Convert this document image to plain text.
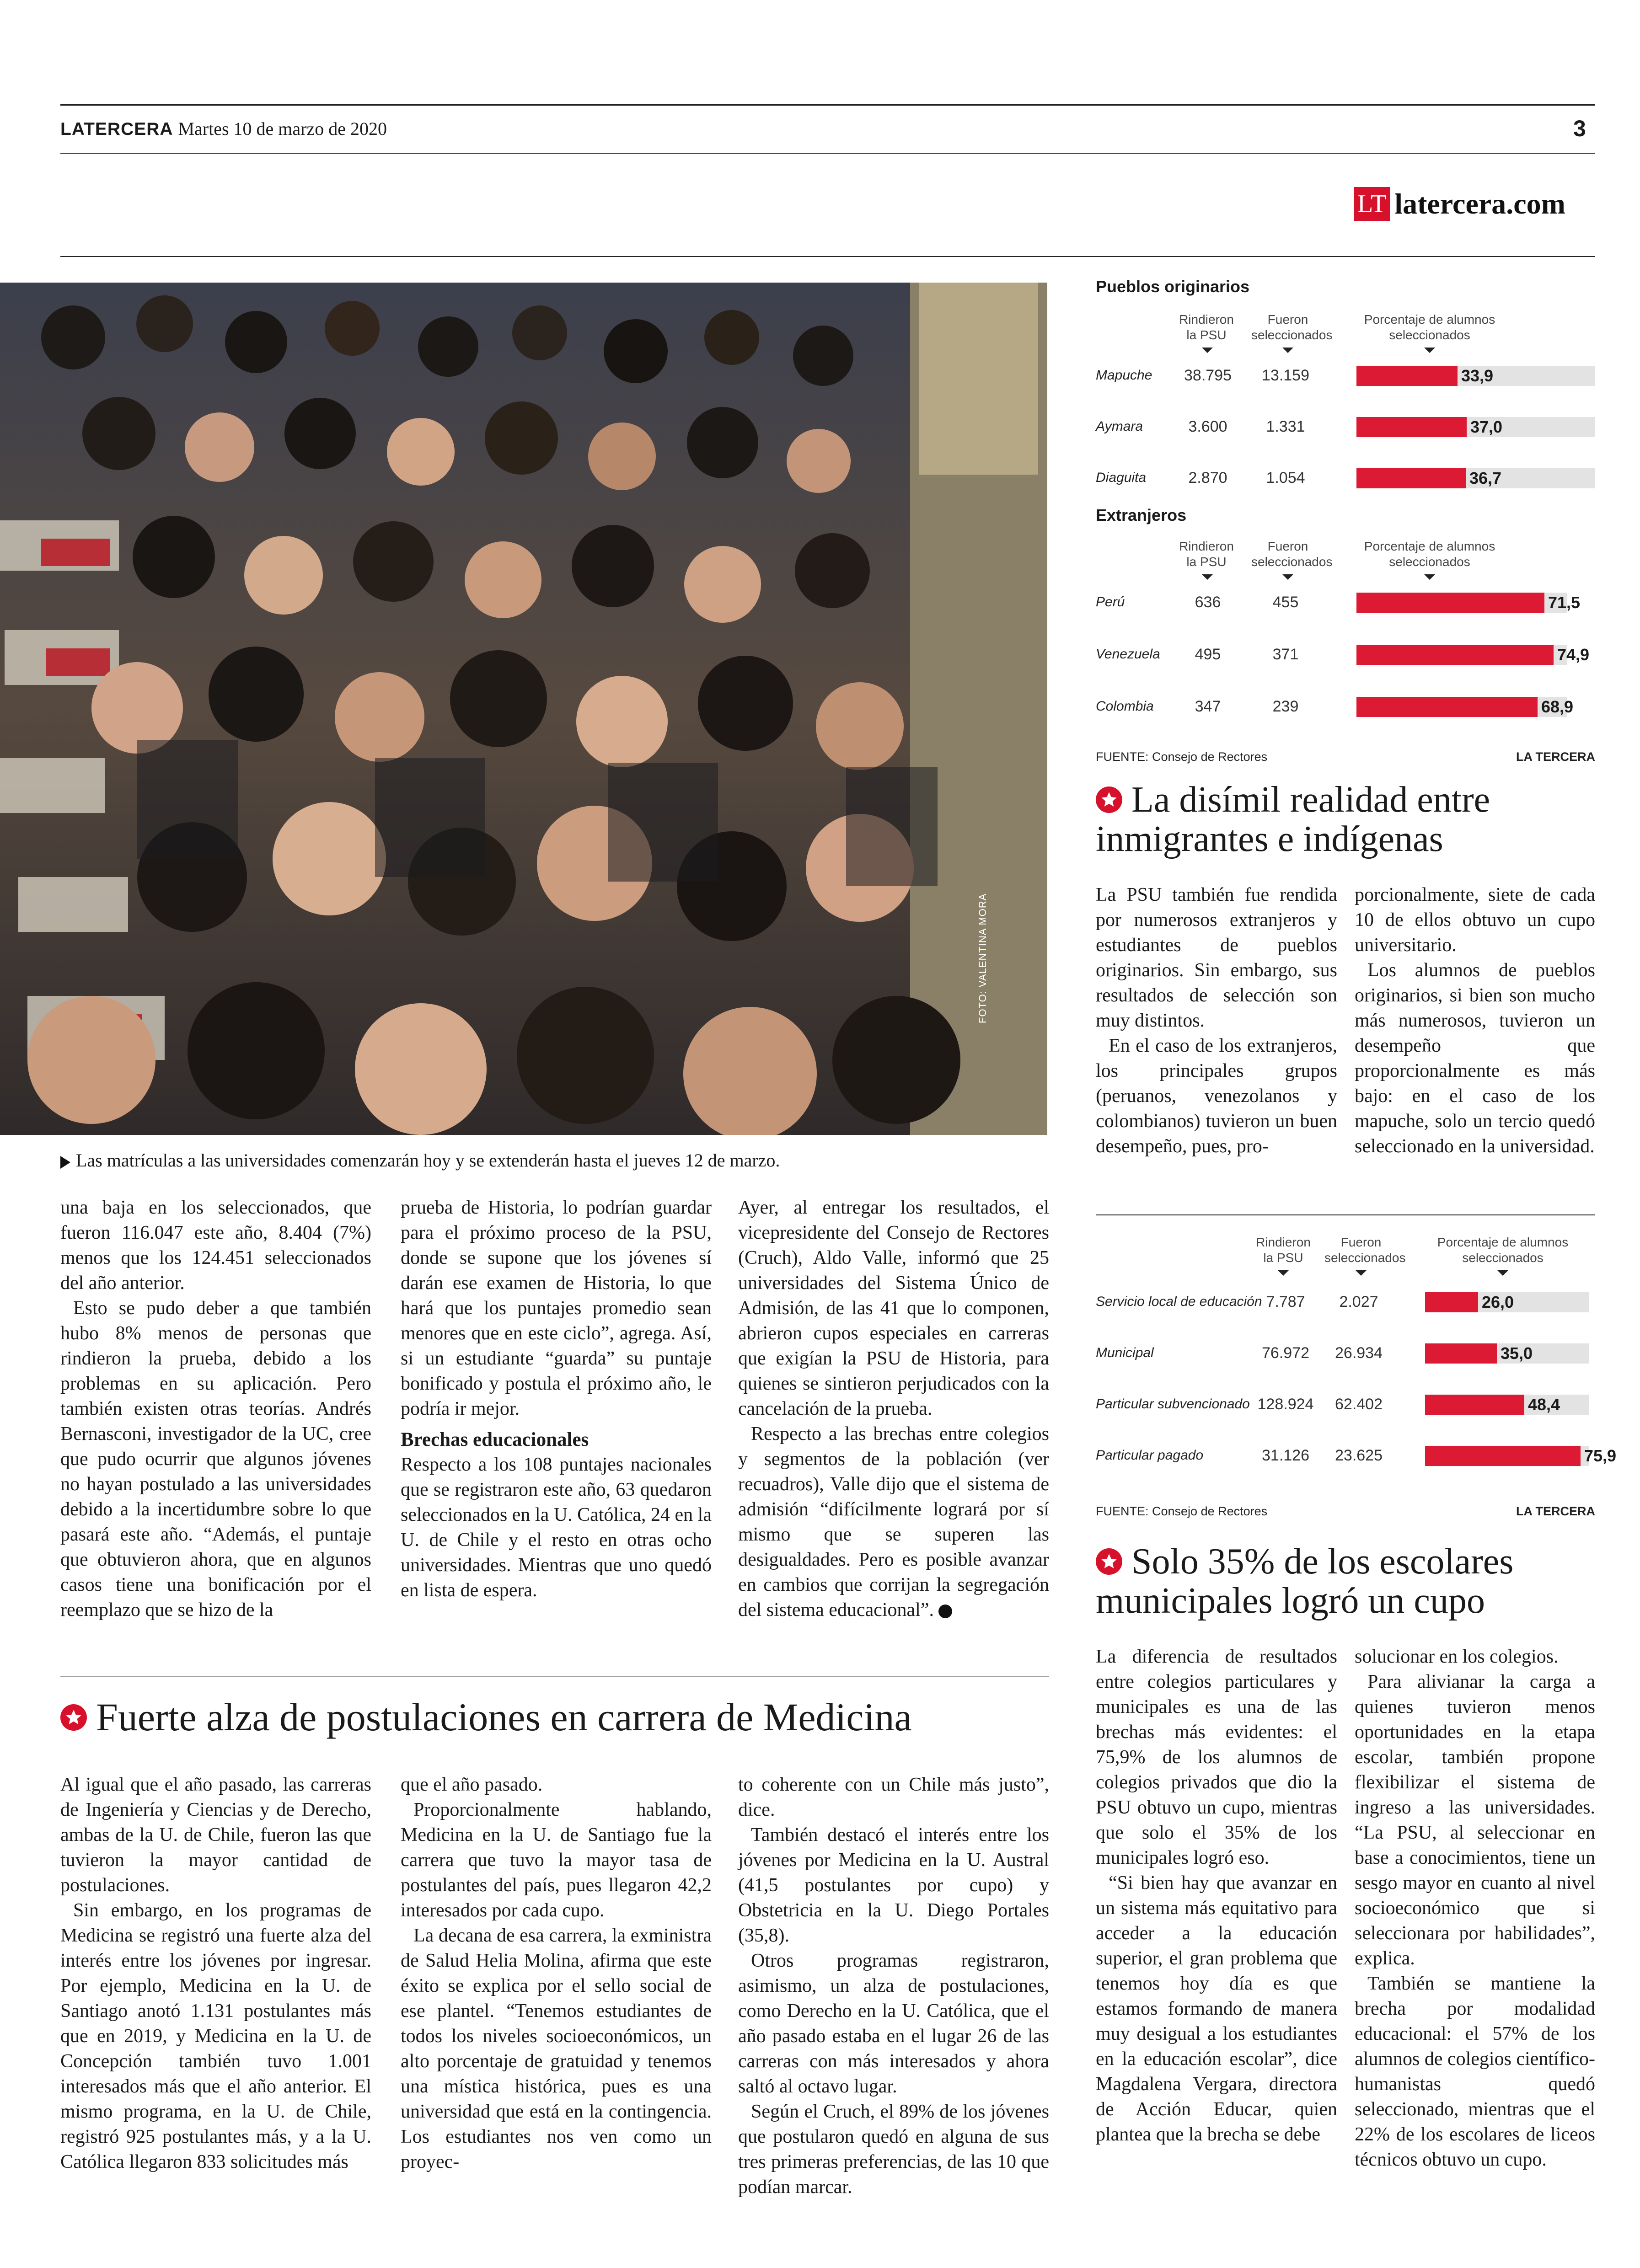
LATERCERA Martes 10 de marzo de 2020	3
LT latercera.com
FOTO: VALENTINA MORA
Las matrículas a las universidades comenzarán hoy y se extenderán hasta el jueves 12 de marzo.

una baja en los seleccionados, que fueron 116.047 este año, 8.404 (7%) menos que los 124.451 seleccionados del año anterior.

Esto se pudo deber a que también hubo 8% menos de personas que rindieron la prueba, debido a los problemas en su aplicación. Pero también existen otras teorías. Andrés Bernasconi, investigador de la UC, cree que pudo ocurrir que algunos jóvenes no hayan postulado a las universidades debido a la incertidumbre sobre lo que pasará este año. “Además, el puntaje que obtuvieron ahora, que en algunos casos tiene una bonificación por el reemplazo que se hizo de la

prueba de Historia, lo podrían guardar para el próximo proceso de la PSU, donde se supone que los jóvenes sí darán ese examen de Historia, lo que hará que los puntajes promedio sean menores que en este ciclo”, agrega. Así, si un estudiante “guarda” su puntaje bonificado y postula el próximo año, le podría ir mejor.

Brechas educacionales

Respecto a los 108 puntajes nacionales que se registraron este año, 63 quedaron seleccionados en la U. Católica, 24 en la U. de Chile y el resto en otras ocho universidades. Mientras que uno quedó en lista de espera.

Ayer, al entregar los resultados, el vicepresidente del Consejo de Rectores (Cruch), Aldo Valle, informó que 25 universidades del Sistema Único de Admisión, de las 41 que lo componen, abrieron cupos especiales en carreras que exigían la PSU de Historia, para quienes se sintieron perjudicados con la cancelación de la prueba.

Respecto a las brechas entre colegios y segmentos de la población (ver recuadros), Valle dijo que el sistema de admisión “difícilmente logrará por sí mismo que se superen las desigualdades. Pero es posible avanzar en cambios que corrijan la segregación del sistema educacional”.

Fuerte alza de postulaciones en carrera de Medicina

Al igual que el año pasado, las carreras de Ingeniería y Ciencias y de Derecho, ambas de la U. de Chile, fueron las que tuvieron la mayor cantidad de postulaciones.

Sin embargo, en los programas de Medicina se registró una fuerte alza del interés entre los jóvenes por ingresar. Por ejemplo, Medicina en la U. de Santiago anotó 1.131 postulantes más que en 2019, y Medicina en la U. de Concepción también tuvo 1.001 interesados más que el año anterior. El mismo programa, en la U. de Chile, registró 925 postulantes más, y a la U. Católica llegaron 833 solicitudes más

que el año pasado.

Proporcionalmente hablando, Medicina en la U. de Santiago fue la carrera que tuvo la mayor tasa de postulantes del país, pues llegaron 42,2 interesados por cada cupo.

La decana de esa carrera, la exministra de Salud Helia Molina, afirma que este éxito se explica por el sello social de ese plantel. “Tenemos estudiantes de todos los niveles socioeconómicos, un alto porcentaje de gratuidad y tenemos una mística histórica, pues es una universidad que está en la contingencia. Los estudiantes nos ven como un proyec-

to coherente con un Chile más justo”, dice.

También destacó el interés entre los jóvenes por Medicina en la U. Austral (41,5 postulantes por cupo) y Obstetricia en la U. Diego Portales (35,8).

Otros programas registraron, asimismo, un alza de postulaciones, como Derecho en la U. Católica, que el año pasado estaba en el lugar 26 de las carreras con más interesados y ahora saltó al octavo lugar.

Según el Cruch, el 89% de los jóvenes que postularon quedó en alguna de sus tres primeras preferencias, de las 10 que podían marcar.

Pueblos originarios
Rindieron la PSU
Fueron seleccionados
Porcentaje de alumnos seleccionados
Mapuche	38.795	13.159	33,9
Aymara	3.600	1.331	37,0
Diaguita	2.870	1.054	36,7
Extranjeros
Rindieron la PSU
Fueron seleccionados
Porcentaje de alumnos seleccionados
Perú	636	455	71,5
Venezuela	495	371	74,9
Colombia	347	239	68,9
FUENTE: Consejo de Rectores	LA TERCERA
La disímil realidad entre
inmigrantes e indígenas

La PSU también fue rendida por numerosos extranjeros y estudiantes de pueblos originarios. Sin embargo, sus resultados de selección son muy distintos.

En el caso de los extranjeros, los principales grupos (peruanos, venezolanos y colombianos) tuvieron un buen desempeño, pues, pro-

porcionalmente, siete de cada 10 de ellos obtuvo un cupo universitario.

Los alumnos de pueblos originarios, si bien son mucho más numerosos, tuvieron un desempeño que proporcionalmente es más bajo: en el caso de los mapuche, solo un tercio quedó seleccionado en la universidad.

Rindieron la PSU
Fueron seleccionados
Porcentaje de alumnos seleccionados
Servicio local de educación 7.787	2.027	26,0
Municipal	76.972	26.934	35,0
Particular subvencionado 128.924	62.402	48,4
Particular pagado	31.126	23.625	75,9
FUENTE: Consejo de Rectores	LA TERCERA
Solo 35% de los escolares
municipales logró un cupo

La diferencia de resultados entre colegios particulares y municipales es una de las brechas más evidentes: el 75,9% de los alumnos de colegios privados que dio la PSU obtuvo un cupo, mientras que solo el 35% de los municipales logró eso.

“Si bien hay que avanzar en un sistema más equitativo para acceder a la educación superior, el gran problema que tenemos hoy día es que estamos formando de manera muy desigual a los estudiantes en la educación escolar”, dice Magdalena Vergara, directora de Acción Educar, quien plantea que la brecha se debe

solucionar en los colegios.

Para alivianar la carga a quienes tuvieron menos oportunidades en la etapa escolar, también propone flexibilizar el sistema de ingreso a las universidades. “La PSU, al seleccionar en base a conocimientos, tiene un sesgo mayor en cuanto al nivel socioeconómico que si seleccionara por habilidades”, explica.

También se mantiene la brecha por modalidad educacional: el 57% de los alumnos de colegios científico-humanistas quedó seleccionado, mientras que el 22% de los escolares de liceos técnicos obtuvo un cupo.
